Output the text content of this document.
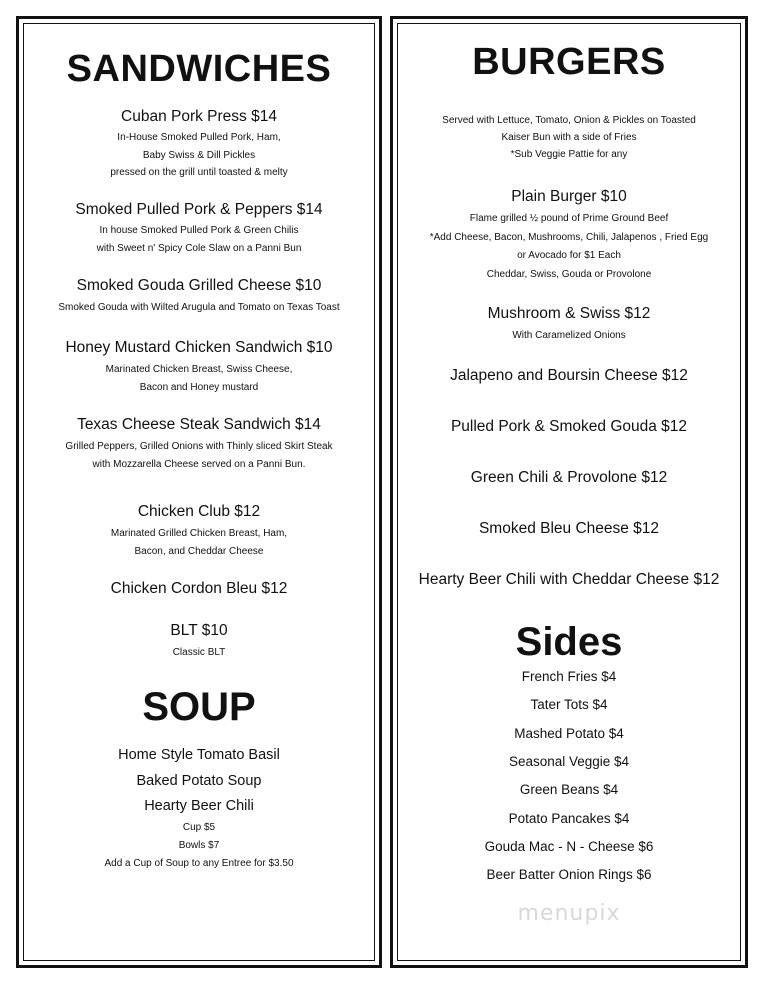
SANDWICHES
Cuban Pork Press $14
In-House Smoked Pulled Pork, Ham,
Baby Swiss & Dill Pickles
pressed on the grill until toasted & melty
Smoked Pulled Pork & Peppers $14
In house Smoked Pulled Pork & Green Chilis
with Sweet n' Spicy Cole Slaw on a Panni Bun
Smoked Gouda Grilled Cheese $10
Smoked Gouda with Wilted Arugula and Tomato on Texas Toast
Honey Mustard Chicken Sandwich $10
Marinated Chicken Breast, Swiss Cheese,
Bacon and Honey mustard
Texas Cheese Steak Sandwich $14
Grilled Peppers, Grilled Onions with Thinly sliced Skirt Steak
with Mozzarella Cheese served on a Panni Bun.
Chicken Club $12
Marinated Grilled Chicken Breast, Ham,
Bacon, and Cheddar Cheese
Chicken Cordon Bleu $12
BLT $10
Classic BLT
SOUP
Home Style Tomato Basil
Baked Potato Soup
Hearty Beer Chili
Cup $5
Bowls $7
Add a Cup of Soup to any Entree for $3.50
BURGERS
Served with Lettuce, Tomato, Onion & Pickles on Toasted
Kaiser Bun with a side of Fries
*Sub Veggie Pattie for any
Plain Burger $10
Flame grilled ½ pound of Prime Ground Beef
*Add Cheese, Bacon, Mushrooms, Chili, Jalapenos , Fried Egg
or Avocado for $1 Each
Cheddar, Swiss, Gouda or Provolone
Mushroom & Swiss $12
With Caramelized Onions
Jalapeno and Boursin Cheese $12
Pulled Pork & Smoked Gouda $12
Green Chili & Provolone $12
Smoked Bleu Cheese $12
Hearty Beer Chili with Cheddar Cheese $12
Sides
French Fries $4
Tater Tots $4
Mashed Potato $4
Seasonal Veggie $4
Green Beans $4
Potato Pancakes $4
Gouda Mac - N - Cheese $6
Beer Batter Onion Rings $6
menupix
